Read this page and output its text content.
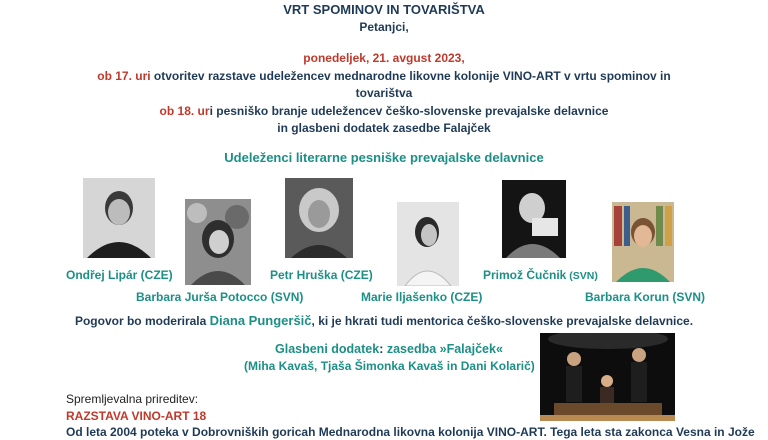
VRT SPOMINOV IN TOVARIŠTVA
Petanjci,
ponedeljek, 21. avgust 2023,
ob 17. uri otvoritev razstave udeležencev mednarodne likovne kolonije VINO-ART v vrtu spominov in
tovarištva
ob 18. uri pesniško branje udeležencev češko-slovenske prevajalske delavnice
in glasbeni dodatek zasedbe Falajček
Udeleženci literarne pesniške prevajalske delavnice
Ondřej Lipár (CZE)
Barbara Jurša Potocco (SVN)
Petr Hruška (CZE)
Marie Iljašenko (CZE)
Primož Čučnik (SVN)
Barbara Korun (SVN)
Pogovor bo moderirala Diana Pungeršič, ki je hkrati tudi mentorica češko-slovenske prevajalske delavnice.
Glasbeni dodatek: zasedba »Falajček«
(Miha Kavaš, Tjaša Šimonka Kavaš in Dani Kolarič)
Spremljevalna prireditev:
RAZSTAVA VINO-ART 18
Od leta 2004 poteka v Dobrovniških goricah Mednarodna likovna kolonija VINO-ART. Tega leta sta zakonca Vesna in Jože
